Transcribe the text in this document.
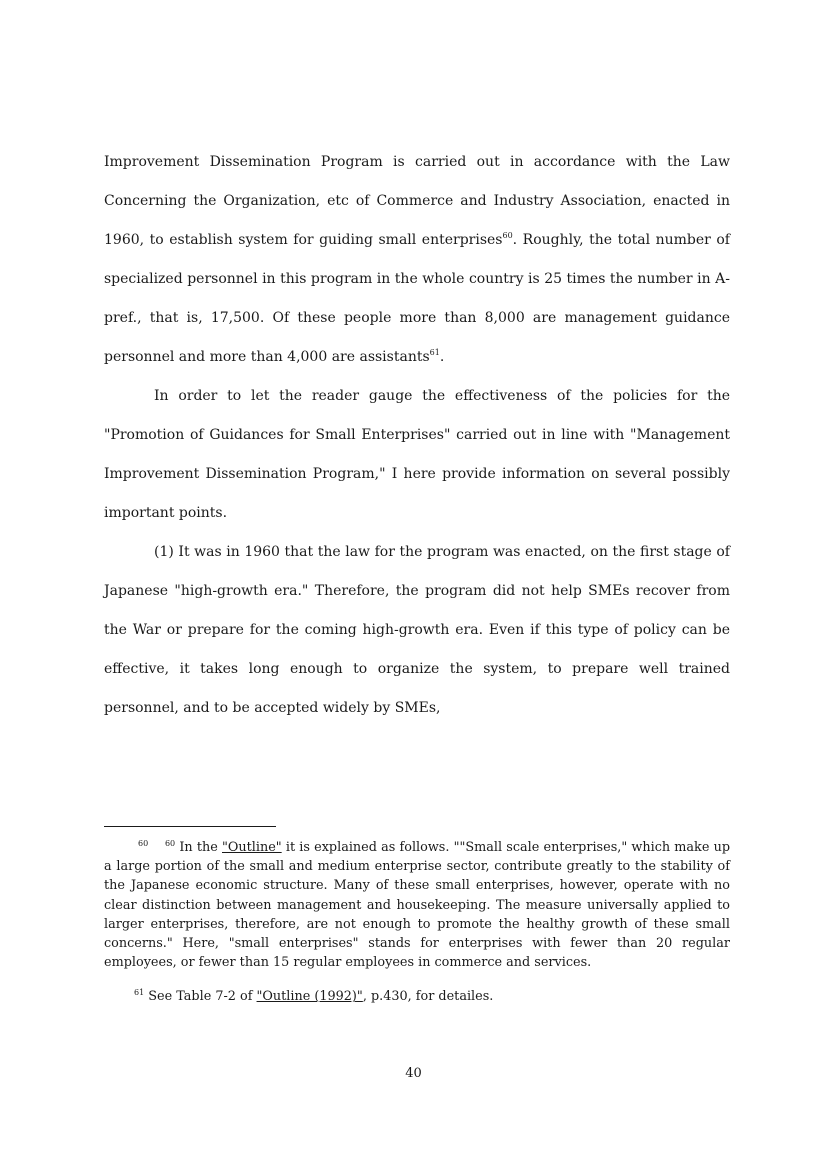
Improvement Dissemination Program is carried out in accordance with the Law Concerning the Organization, etc of Commerce and Industry Association, enacted in 1960, to establish system for guiding small enterprises$^{60}$. Roughly, the total number of specialized personnel in this program in the whole country is 25 times the number in A-pref., that is, 17,500. Of these people more than 8,000 are management guidance personnel and more than 4,000 are assistants$^{61}$.

In order to let the reader gauge the effectiveness of the policies for the "Promotion of Guidances for Small Enterprises" carried out in line with "Management Improvement Dissemination Program," I here provide information on several possibly important points.

(1) It was in 1960 that the law for the program was enacted, on the first stage of Japanese "high-growth era." Therefore, the program did not help SMEs recover from the War or prepare for the coming high-growth era. Even if this type of policy can be effective, it takes long enough to organize the system, to prepare well trained personnel, and to be accepted widely by SMEs,

$^{60}$ $^{60}$ In the "Outline" it is explained as follows. ""Small scale enterprises," which make up a large portion of the small and medium enterprise sector, contribute greatly to the stability of the Japanese economic structure. Many of these small enterprises, however, operate with no clear distinction between management and housekeeping. The measure universally applied to larger enterprises, therefore, are not enough to promote the healthy growth of these small concerns." Here, "small enterprises" stands for enterprises with fewer than 20 regular employees, or fewer than 15 regular employees in commerce and services.

$^{61}$ See Table 7-2 of "Outline (1992)", p.430, for detailes.

40
